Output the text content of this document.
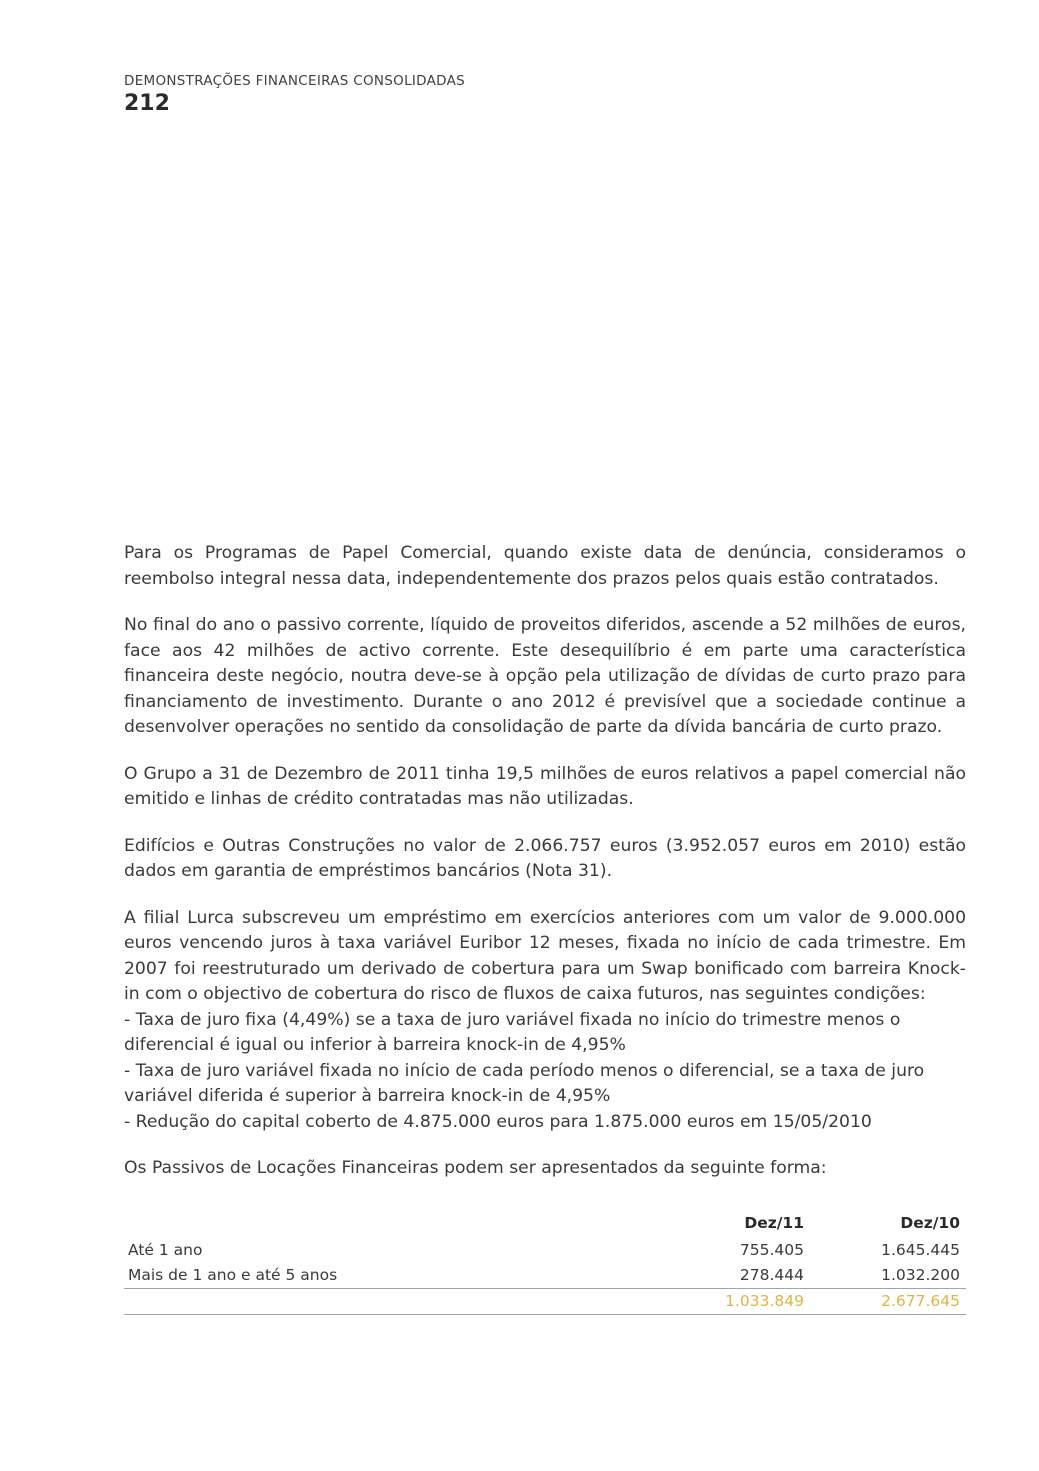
DEMONSTRAÇÕES FINANCEIRAS CONSOLIDADAS
212

Para os Programas de Papel Comercial, quando existe data de denúncia, consideramos o reembolso integral nessa data, independentemente dos prazos pelos quais estão contratados.

No final do ano o passivo corrente, líquido de proveitos diferidos, ascende a 52 milhões de euros, face aos 42 milhões de activo corrente. Este desequilíbrio é em parte uma característica financeira deste negócio, noutra deve-se à opção pela utilização de dívidas de curto prazo para financiamento de investimento. Durante o ano 2012 é previsível que a sociedade continue a desenvolver operações no sentido da consolidação de parte da dívida bancária de curto prazo.

O Grupo a 31 de Dezembro de 2011 tinha 19,5 milhões de euros relativos a papel comercial não emitido e linhas de crédito contratadas mas não utilizadas.

Edifícios e Outras Construções no valor de 2.066.757 euros (3.952.057 euros em 2010) estão dados em garantia de empréstimos bancários (Nota 31).

A filial Lurca subscreveu um empréstimo em exercícios anteriores com um valor de 9.000.000 euros vencendo juros à taxa variável Euribor 12 meses, fixada no início de cada trimestre. Em 2007 foi reestruturado um derivado de cobertura para um Swap bonificado com barreira Knock-in com o objectivo de cobertura do risco de fluxos de caixa futuros, nas seguintes condições:

- Taxa de juro fixa (4,49%) se a taxa de juro variável fixada no início do trimestre menos o diferencial é igual ou inferior à barreira knock-in de 4,95%
- Taxa de juro variável fixada no início de cada período menos o diferencial, se a taxa de juro variável diferida é superior à barreira knock-in de 4,95%
- Redução do capital coberto de 4.875.000 euros para 1.875.000 euros em 15/05/2010

Os Passivos de Locações Financeiras podem ser apresentados da seguinte forma:

	Dez/11	Dez/10
Até 1 ano	755.405	1.645.445
Mais de 1 ano e até 5 anos	278.444	1.032.200
	1.033.849	2.677.645
